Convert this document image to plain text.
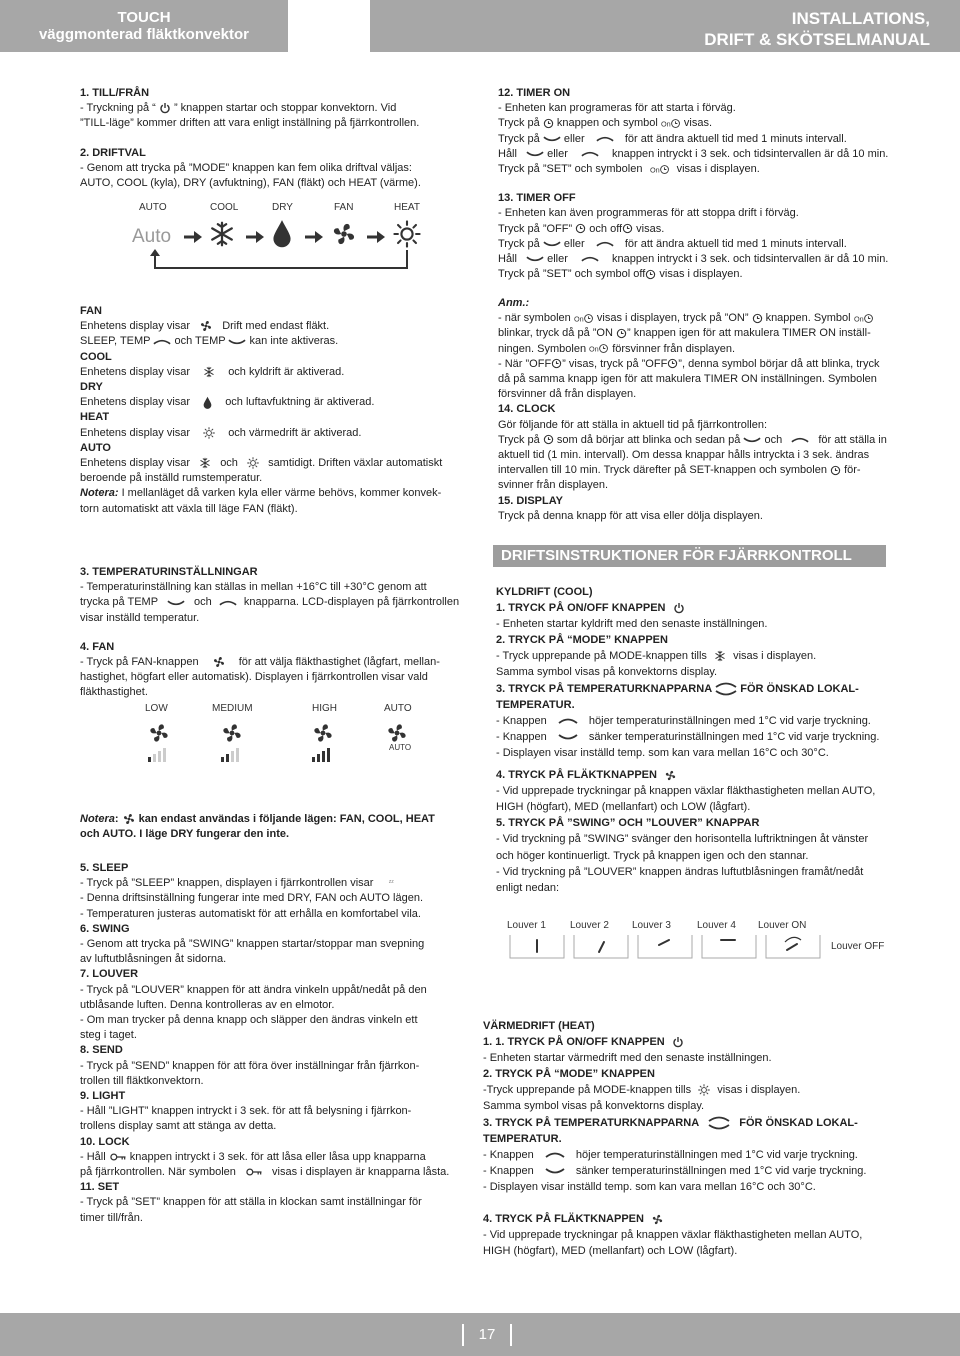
TOUCH
väggmonterad fläktkonvektor
INSTALLATIONS,
DRIFT & SKÖTSELMANUAL
1. TILL/FRÅN
- Tryckning på “ ” knappen startar och stoppar konvektorn. Vid
”TILL-läge” kommer driften att vara enligt inställning på fjärrkontrollen.
2. DRIFTVAL
- Genom att trycka på ”MODE” knappen kan fem olika driftval väljas:
AUTO, COOL (kyla), DRY (avfuktning), FAN (fläkt) och HEAT (värme).
AUTO	COOL	DRY	FAN	HEAT
Auto
FAN
Enhetens display visar	Drift med endast fläkt.
SLEEP, TEMP och TEMP kan inte aktiveras.
COOL
Enhetens display visar	och kyldrift är aktiverad.
DRY
Enhetens display visar	och luftavfuktning är aktiverad.
HEAT
Enhetens display visar	och värmedrift är aktiverad.
AUTO
Enhetens display visar	och	samtidigt. Driften växlar automatiskt
beroende på inställd rumstemperatur.
Notera: I mellanläget då varken kyla eller värme behövs, kommer konvek-
torn automatiskt att växla till läge FAN (fläkt).
12. TIMER ON
- Enheten kan programeras för att starta i förväg.
Tryck på knappen och symbol visas.
Tryck på eller	för att ändra aktuell tid med 1 minuts intervall.
Håll	eller	knappen intryckt i 3 sek. och tidsintervallen är då 10 min.
Tryck på ”SET” och symbolen	visas i displayen.
13. TIMER OFF
- Enheten kan även programmeras för att stoppa drift i förväg.
Tryck på ”OFF” och off visas.
Tryck på eller	för att ändra aktuell tid med 1 minuts intervall.
Håll	eller	knappen intryckt i 3 sek. och tidsintervallen är då 10 min.
Tryck på ”SET” och symbol off visas i displayen.
Anm.:
- när symbolen visas i displayen, tryck på ”ON” knappen. Symbol
blinkar, tryck då på ”ON ” knappen igen för att makulera TIMER ON inställ-
ningen. Symbolen försvinner från displayen.
- När ”OFF ” visas, tryck på ”OFF ”, denna symbol börjar då att blinka, tryck
då på samma knapp igen för att makulera TIMER ON inställningen. Symbolen
försvinner då från displayen.
14. CLOCK
Gör följande för att ställa in aktuell tid på fjärrkontrollen:
Tryck på som då börjar att blinka och sedan på och	för att ställa in
aktuell tid (1 min. intervall). Om dessa knappar hålls intryckta i 3 sek. ändras
intervallen till 10 min. Tryck därefter på SET-knappen och symbolen för-
svinner från displayen.
15. DISPLAY
Tryck på denna knapp för att visa eller dölja displayen.
3. TEMPERATURINSTÄLLNINGAR
- Temperaturinställning kan ställas in mellan +16°C till +30°C genom att
trycka på TEMP	och	knapparna. LCD-displayen på fjärrkontrollen
visar inställd temperatur.
4. FAN
- Tryck på FAN-knappen	för att välja fläkthastighet (lågfart, mellan-
hastighet, högfart eller automatisk). Displayen i fjärrkontrollen visar vald
fläkthastighet.
LOW	MEDIUM	HIGH	AUTO
AUTO
Notera: kan endast användas i följande lägen: FAN, COOL, HEAT
och AUTO. I läge DRY fungerar den inte.
5. SLEEP
- Tryck på ”SLEEP” knappen, displayen i fjärrkontrollen visar
- Denna driftsinställning fungerar inte med DRY, FAN och AUTO lägen.
- Temperaturen justeras automatiskt för att erhålla en komfortabel vila.
6. SWING
- Genom att trycka på ”SWING” knappen startar/stoppar man svepning
av luftutblåsningen åt sidorna.
7. LOUVER
- Tryck på ”LOUVER” knappen för att ändra vinkeln uppåt/nedåt på den
utblåsande luften. Denna kontrolleras av en elmotor.
- Om man trycker på denna knapp och släpper den ändras vinkeln ett
steg i taget.
8. SEND
- Tryck på ”SEND” knappen för att föra över inställningar från fjärrkon-
trollen till fläktkonvektorn.
9. LIGHT
- Håll ”LIGHT” knappen intryckt i 3 sek. för att få belysning i fjärrkon-
trollens display samt att stänga av detta.
10. LOCK
- Håll knappen intryckt i 3 sek. för att låsa eller låsa upp knapparna
på fjärrkontrollen. När symbolen	visas i displayen är knapparna låsta.
11. SET
- Tryck på ”SET” knappen för att ställa in klockan samt inställningar för
timer till/från.
DRIFTSINSTRUKTIONER FÖR FJÄRRKONTROLL
KYLDRIFT (COOL)
1. TRYCK PÅ ON/OFF KNAPPEN
- Enheten startar kyldrift med den senaste inställningen.
2. TRYCK PÅ “MODE” KNAPPEN
- Tryck upprepande på MODE-knappen tills visas i displayen.
Samma symbol visas på konvektorns display.
3. TRYCK PÅ TEMPERATURKNAPPARNA	FÖR ÖNSKAD LOKAL-
TEMPERATUR.
- Knappen	höjer temperaturinställningen med 1°C vid varje tryckning.
- Knappen	sänker temperaturinställningen med 1°C vid varje tryckning.
- Displayen visar inställd temp. som kan vara mellan 16°C och 30°C.
4. TRYCK PÅ FLÄKTKNAPPEN
- Vid upprepade tryckningar på knappen växlar fläkthastigheten mellan AUTO,
HIGH (högfart), MED (mellanfart) och LOW (lågfart).
5. TRYCK PÅ ”SWING” OCH ”LOUVER” KNAPPAR
- Vid tryckning på ”SWING” svänger den horisontella luftriktningen åt vänster
och höger kontinuerligt. Tryck på knappen igen och den stannar.
- Vid tryckning på ”LOUVER” knappen ändras luftutblåsningen framåt/nedåt
enligt nedan:
Louver 1 Louver 2 Louver 3	Louver 4 Louver ON
Louver OFF
VÄRMEDRIFT (HEAT)
1. 1. TRYCK PÅ ON/OFF KNAPPEN
- Enheten startar värmedrift med den senaste inställningen.
2. TRYCK PÅ “MODE” KNAPPEN
-Tryck upprepande på MODE-knappen tills visas i displayen.
Samma symbol visas på konvektorns display.
3. TRYCK PÅ TEMPERATURKNAPPARNA	FÖR ÖNSKAD LOKAL-
TEMPERATUR.
- Knappen	höjer temperaturinställningen med 1°C vid varje tryckning.
- Knappen	sänker temperaturinställningen med 1°C vid varje tryckning.
- Displayen visar inställd temp. som kan vara mellan 16°C och 30°C.
4. TRYCK PÅ FLÄKTKNAPPEN
- Vid upprepade tryckningar på knappen växlar fläkthastigheten mellan AUTO,
HIGH (högfart), MED (mellanfart) och LOW (lågfart).
17
